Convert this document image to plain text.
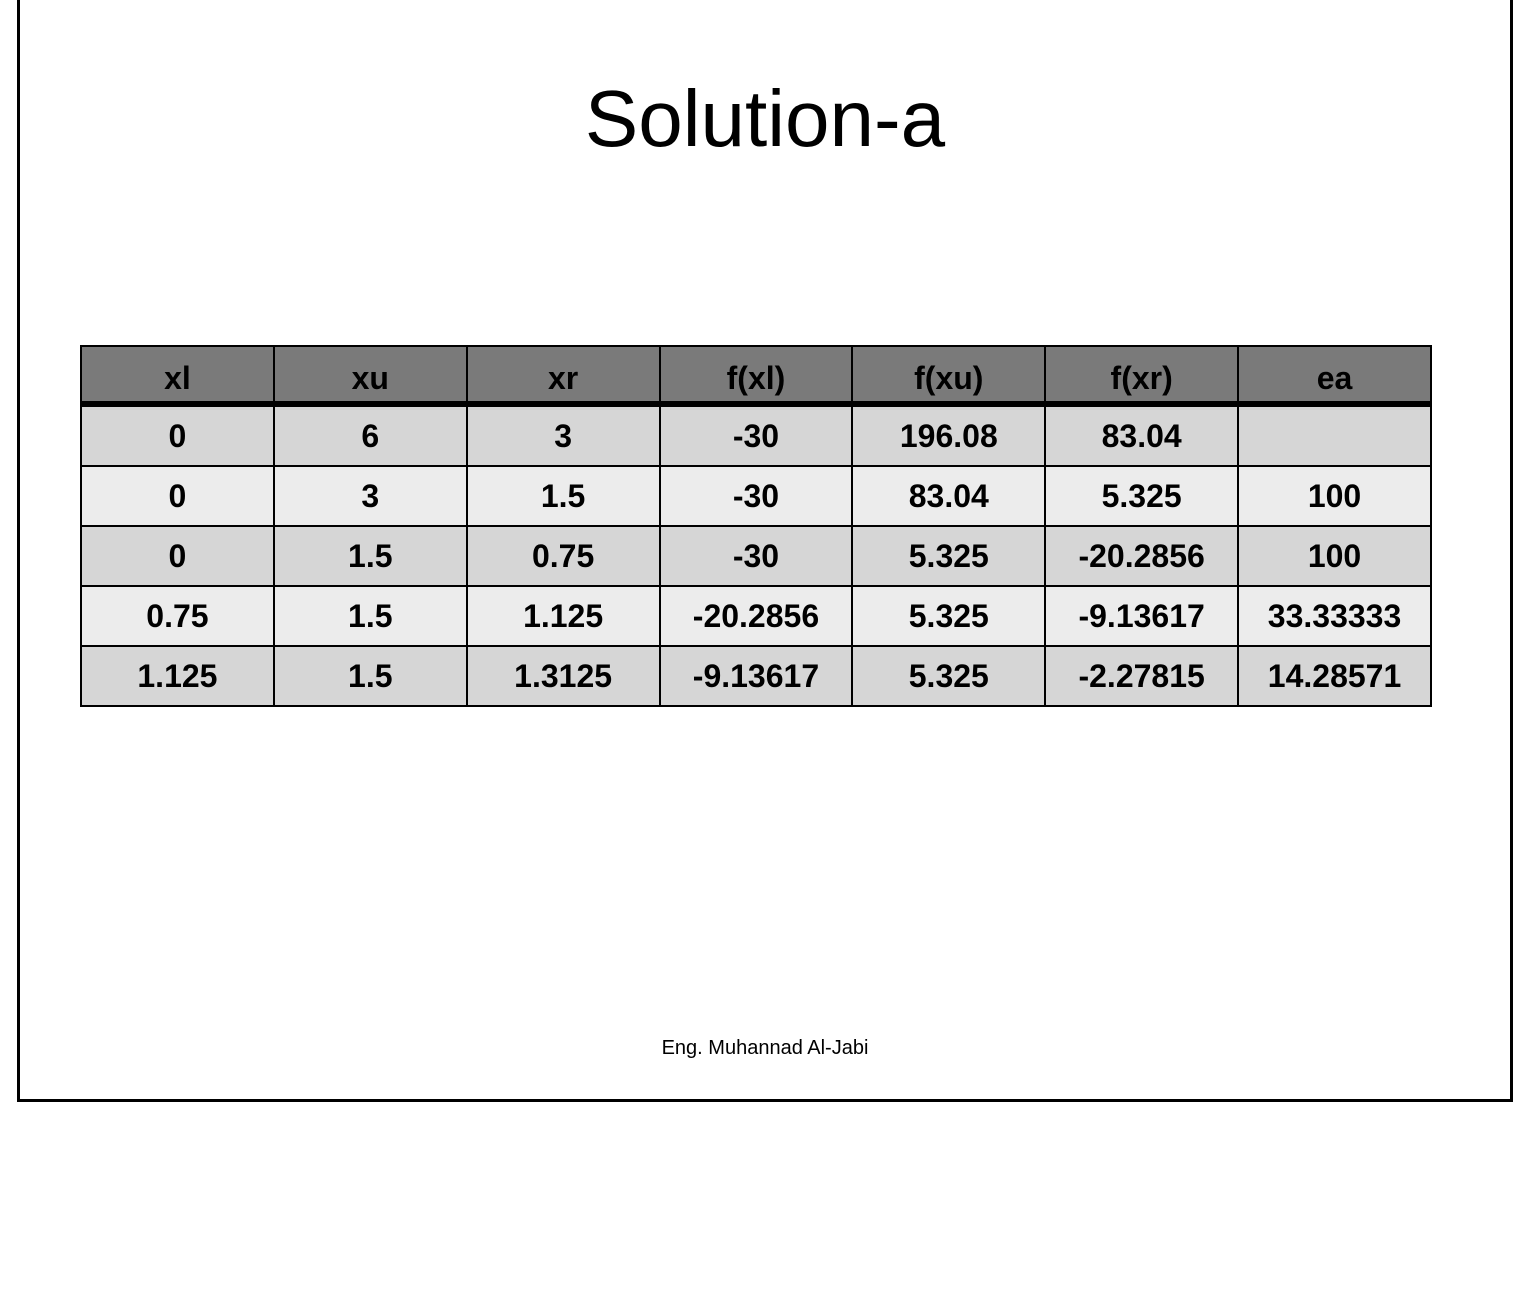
Solution-a
xl	xu	xr	f(xl)	f(xu)	f(xr)	ea
0	6	3	-30	196.08	83.04	
0	3	1.5	-30	83.04	5.325	100
0	1.5	0.75	-30	5.325	-20.2856	100
0.75	1.5	1.125	-20.2856	5.325	-9.13617	33.33333
1.125	1.5	1.3125	-9.13617	5.325	-2.27815	14.28571
Eng. Muhannad Al-Jabi
